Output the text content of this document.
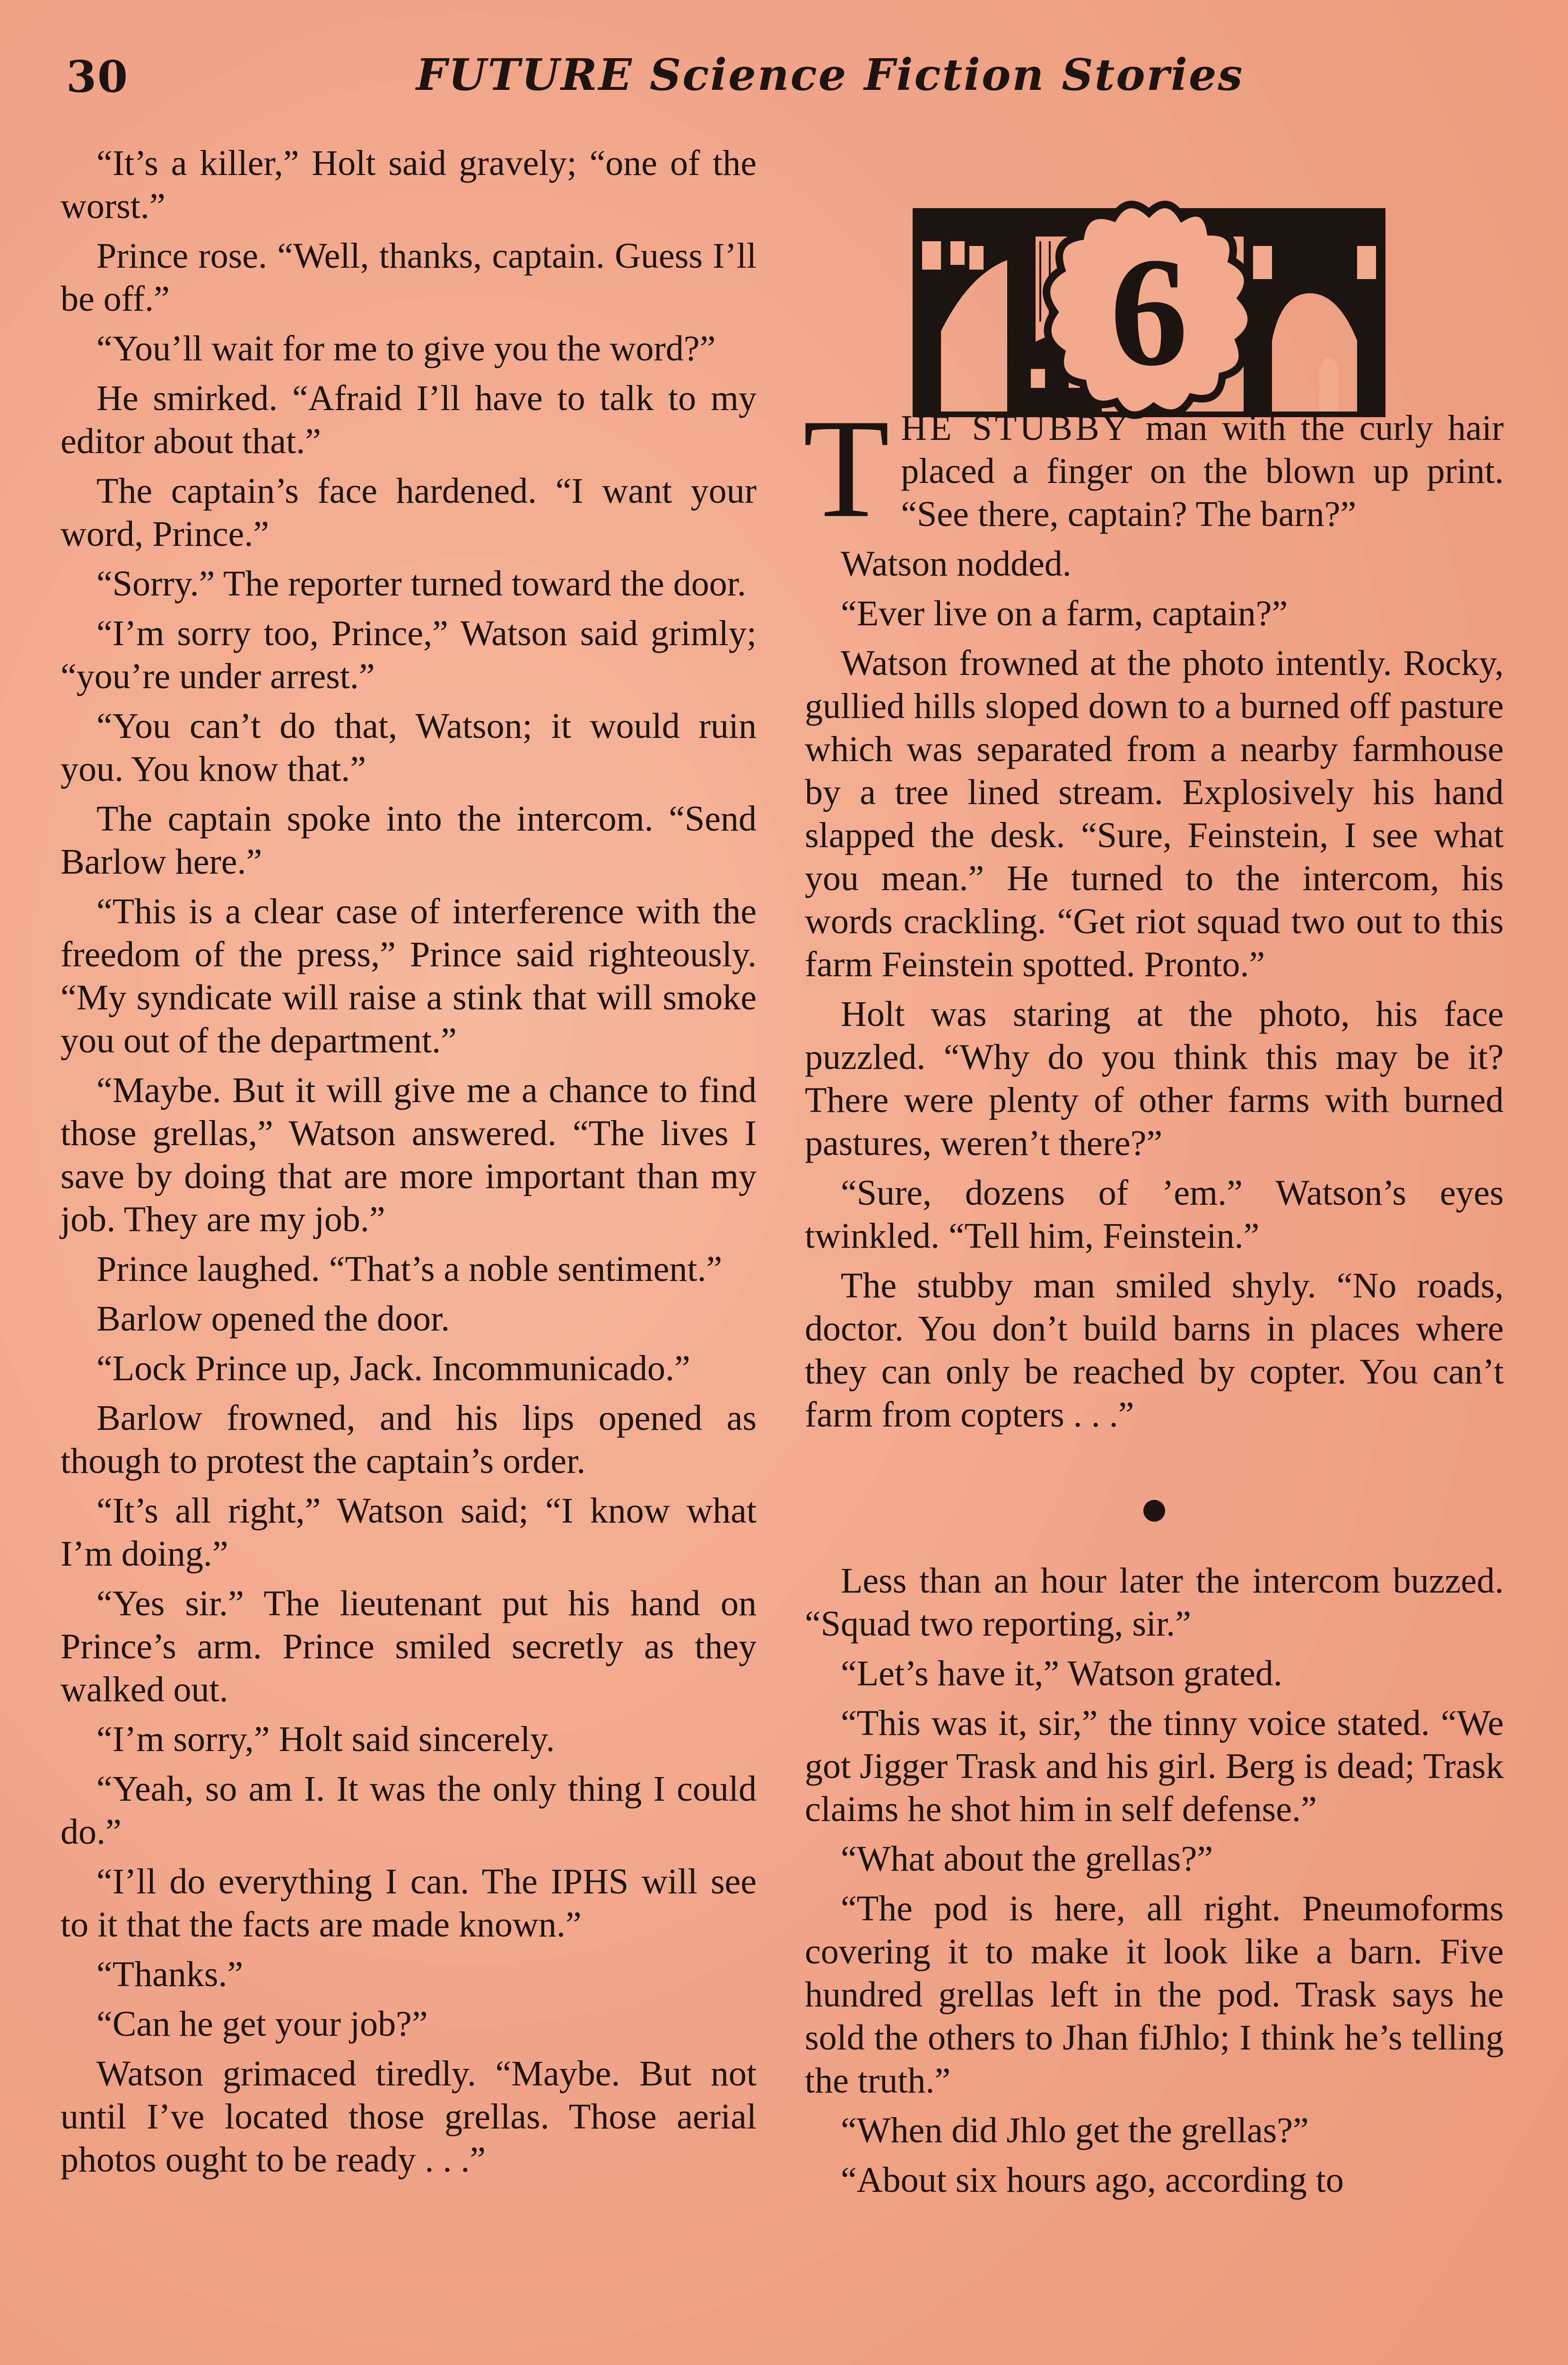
30	FUTURE Science Fiction Stories

“It’s a killer,” Holt said gravely; “one of the worst.”

Prince rose. “Well, thanks, captain. Guess I’ll be off.”

“You’ll wait for me to give you the word?”

He smirked. “Afraid I’ll have to talk to my editor about that.”

The captain’s face hardened. “I want your word, Prince.”

“Sorry.” The reporter turned toward the door.

“I’m sorry too, Prince,” Watson said grimly; “you’re under arrest.”

“You can’t do that, Watson; it would ruin you. You know that.”

The captain spoke into the intercom. “Send Barlow here.”

“This is a clear case of interference with the freedom of the press,” Prince said righteously. “My syndicate will raise a stink that will smoke you out of the department.”

“Maybe. But it will give me a chance to find those grellas,” Watson answered. “The lives I save by doing that are more important than my job. They are my job.”

Prince laughed. “That’s a noble sentiment.”

Barlow opened the door.

“Lock Prince up, Jack. Incommunicado.”

Barlow frowned, and his lips opened as though to protest the captain’s order.

“It’s all right,” Watson said; “I know what I’m doing.”

“Yes sir.” The lieutenant put his hand on Prince’s arm. Prince smiled secretly as they walked out.

“I’m sorry,” Holt said sincerely.

“Yeah, so am I. It was the only thing I could do.”

“I’ll do everything I can. The IPHS will see to it that the facts are made known.”

“Thanks.”

“Can he get your job?”

Watson grimaced tiredly. “Maybe. But not until I’ve located those grellas. Those aerial photos ought to be ready . . .”

6

THE STUBBY man with the curly hair placed a finger on the blown up print. “See there, captain? The barn?”

Watson nodded.

“Ever live on a farm, captain?”

Watson frowned at the photo intently. Rocky, gullied hills sloped down to a burned off pasture which was separated from a nearby farmhouse by a tree lined stream. Explosively his hand slapped the desk. “Sure, Feinstein, I see what you mean.” He turned to the intercom, his words crackling. “Get riot squad two out to this farm Feinstein spotted. Pronto.”

Holt was staring at the photo, his face puzzled. “Why do you think this may be it? There were plenty of other farms with burned pastures, weren’t there?”

“Sure, dozens of ’em.” Watson’s eyes twinkled. “Tell him, Feinstein.”

The stubby man smiled shyly. “No roads, doctor. You don’t build barns in places where they can only be reached by copter. You can’t farm from copters . . .”

Less than an hour later the intercom buzzed. “Squad two reporting, sir.”

“Let’s have it,” Watson grated.

“This was it, sir,” the tinny voice stated. “We got Jigger Trask and his girl. Berg is dead; Trask claims he shot him in self defense.”

“What about the grellas?”

“The pod is here, all right. Pneumoforms covering it to make it look like a barn. Five hundred grellas left in the pod. Trask says he sold the others to Jhan fiJhlo; I think he’s telling the truth.”

“When did Jhlo get the grellas?”

“About six hours ago, according to
